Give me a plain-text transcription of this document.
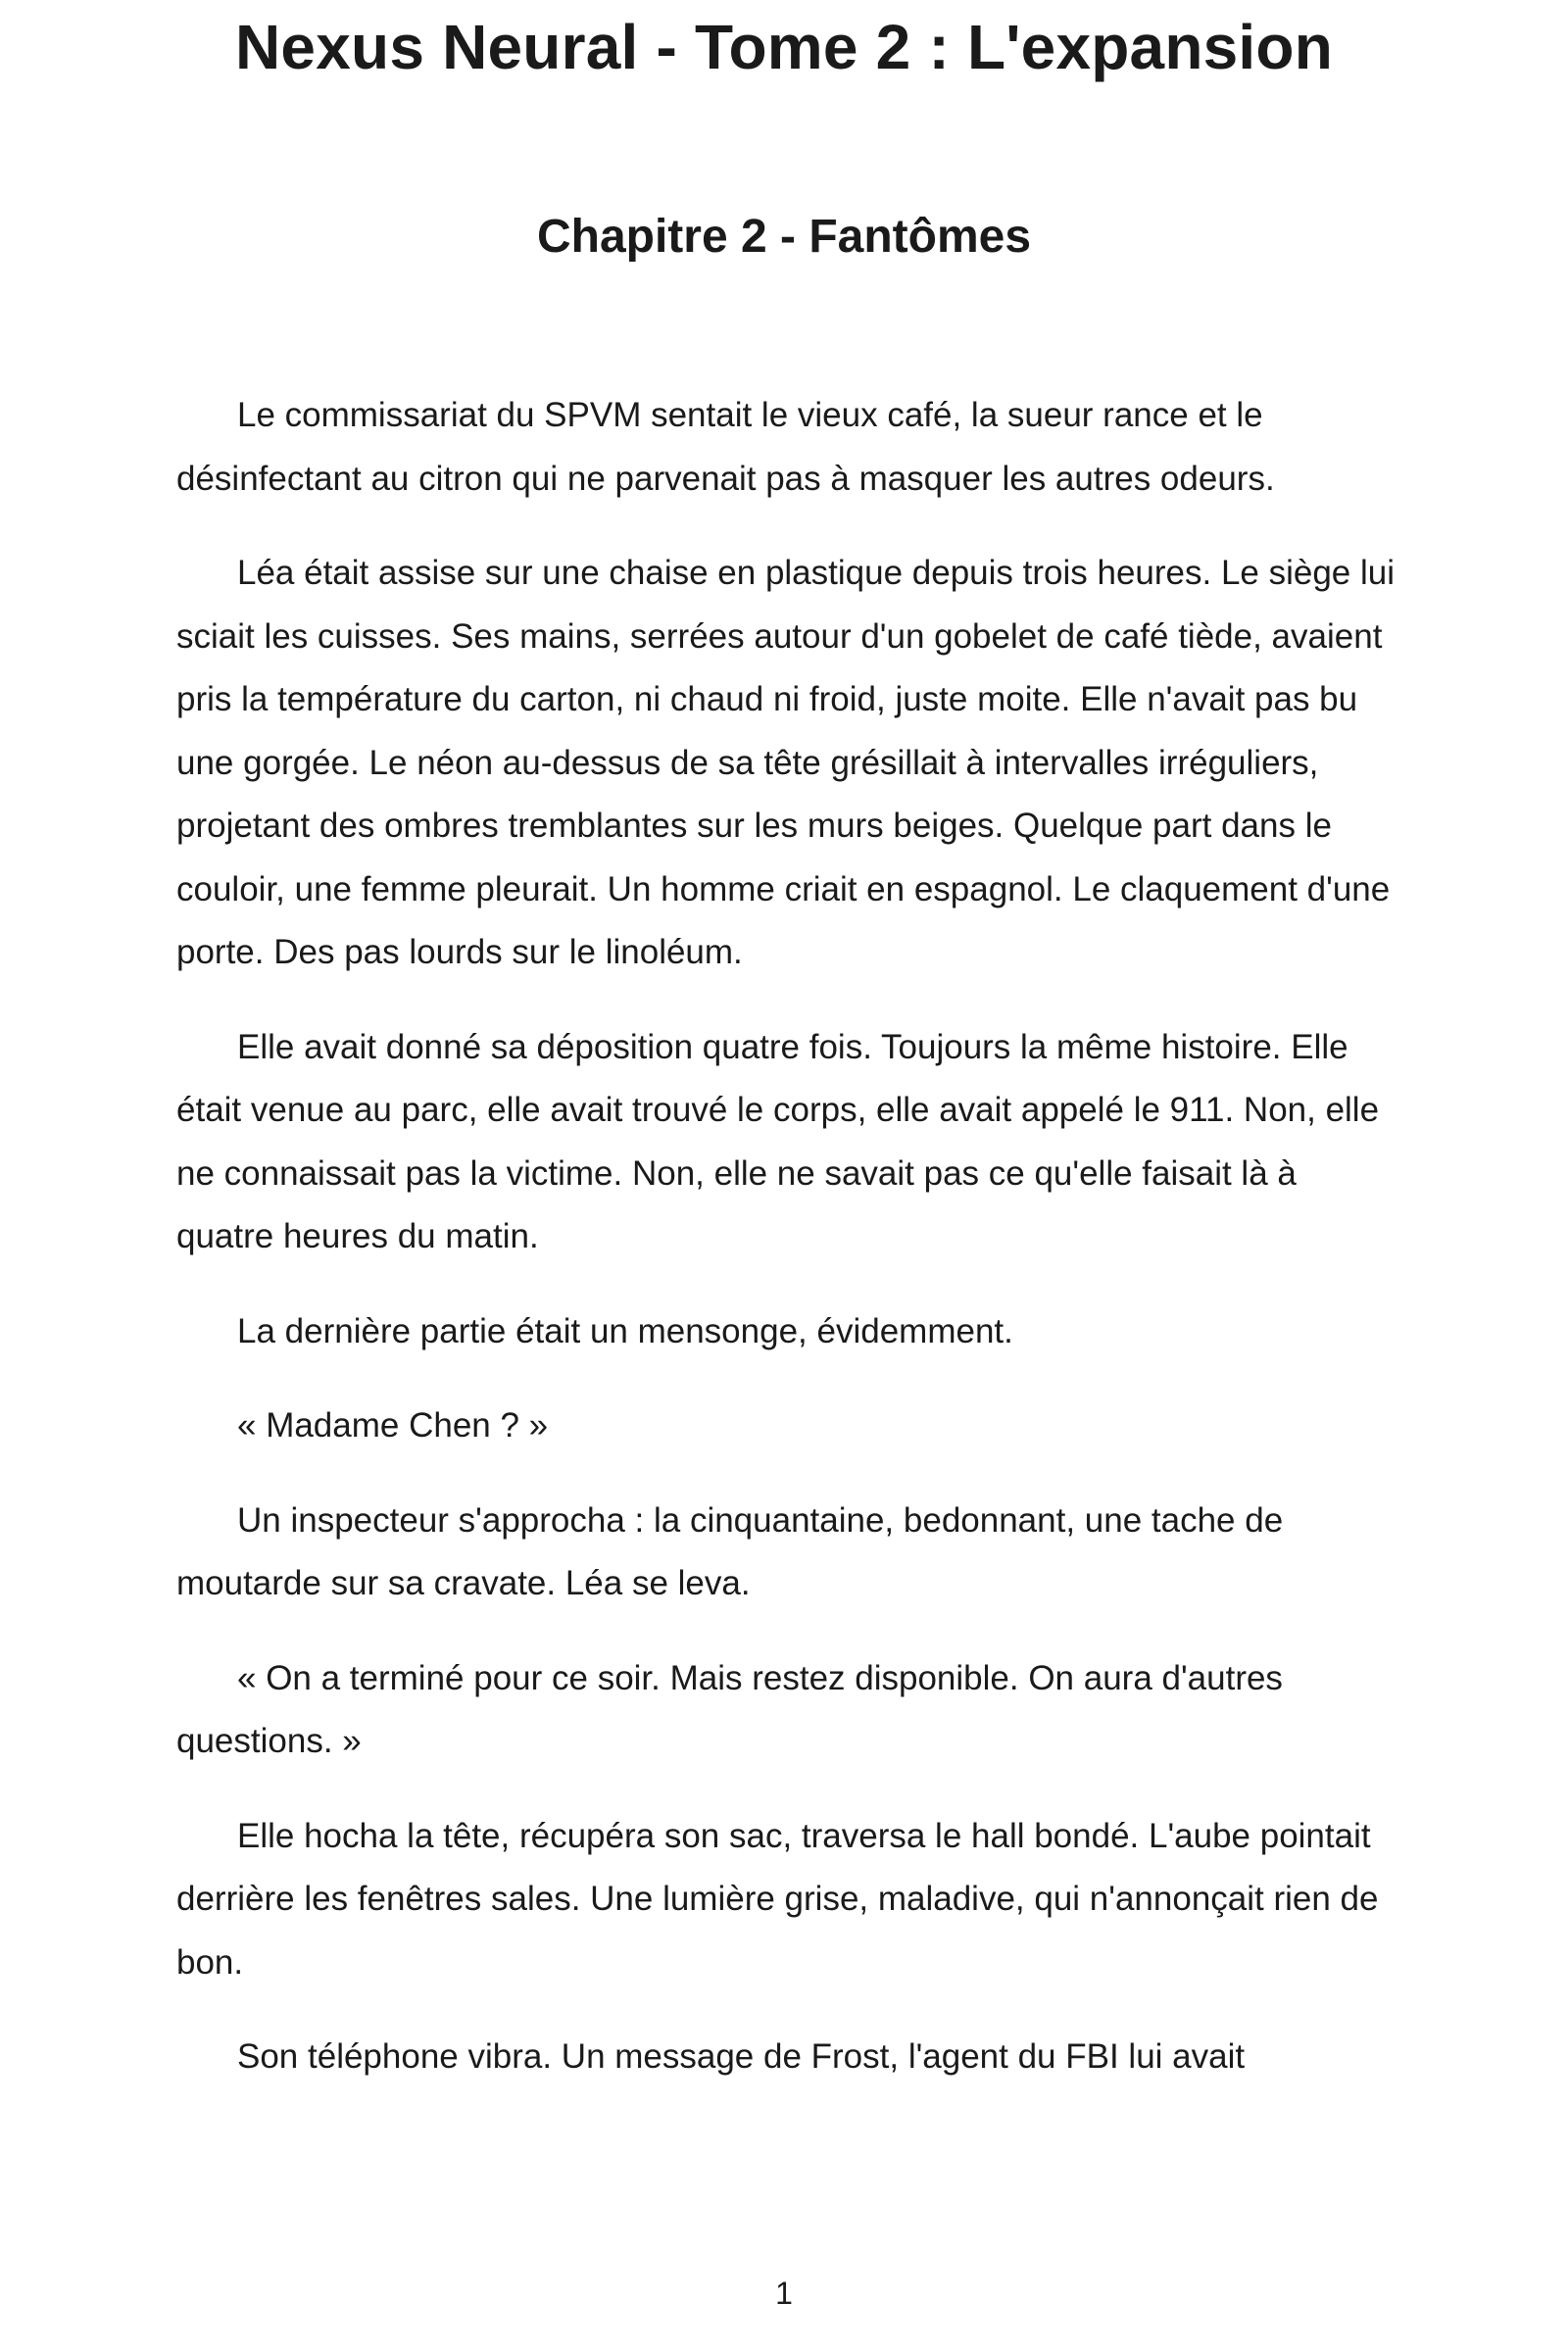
Nexus Neural - Tome 2 : L'expansion
Chapitre 2 - Fantômes

Le commissariat du SPVM sentait le vieux café, la sueur rance et le désinfectant au citron qui ne parvenait pas à masquer les autres odeurs.

Léa était assise sur une chaise en plastique depuis trois heures. Le siège lui sciait les cuisses. Ses mains, serrées autour d'un gobelet de café tiède, avaient pris la température du carton, ni chaud ni froid, juste moite. Elle n'avait pas bu une gorgée. Le néon au-dessus de sa tête grésillait à intervalles irréguliers, projetant des ombres tremblantes sur les murs beiges. Quelque part dans le couloir, une femme pleurait. Un homme criait en espagnol. Le claquement d'une porte. Des pas lourds sur le linoléum.

Elle avait donné sa déposition quatre fois. Toujours la même histoire. Elle était venue au parc, elle avait trouvé le corps, elle avait appelé le 911. Non, elle ne connaissait pas la victime. Non, elle ne savait pas ce qu'elle faisait là à quatre heures du matin.

La dernière partie était un mensonge, évidemment.

« Madame Chen ? »

Un inspecteur s'approcha : la cinquantaine, bedonnant, une tache de moutarde sur sa cravate. Léa se leva.

« On a terminé pour ce soir. Mais restez disponible. On aura d'autres questions. »

Elle hocha la tête, récupéra son sac, traversa le hall bondé. L'aube pointait derrière les fenêtres sales. Une lumière grise, maladive, qui n'annonçait rien de bon.

Son téléphone vibra. Un message de Frost, l'agent du FBI lui avait

1
